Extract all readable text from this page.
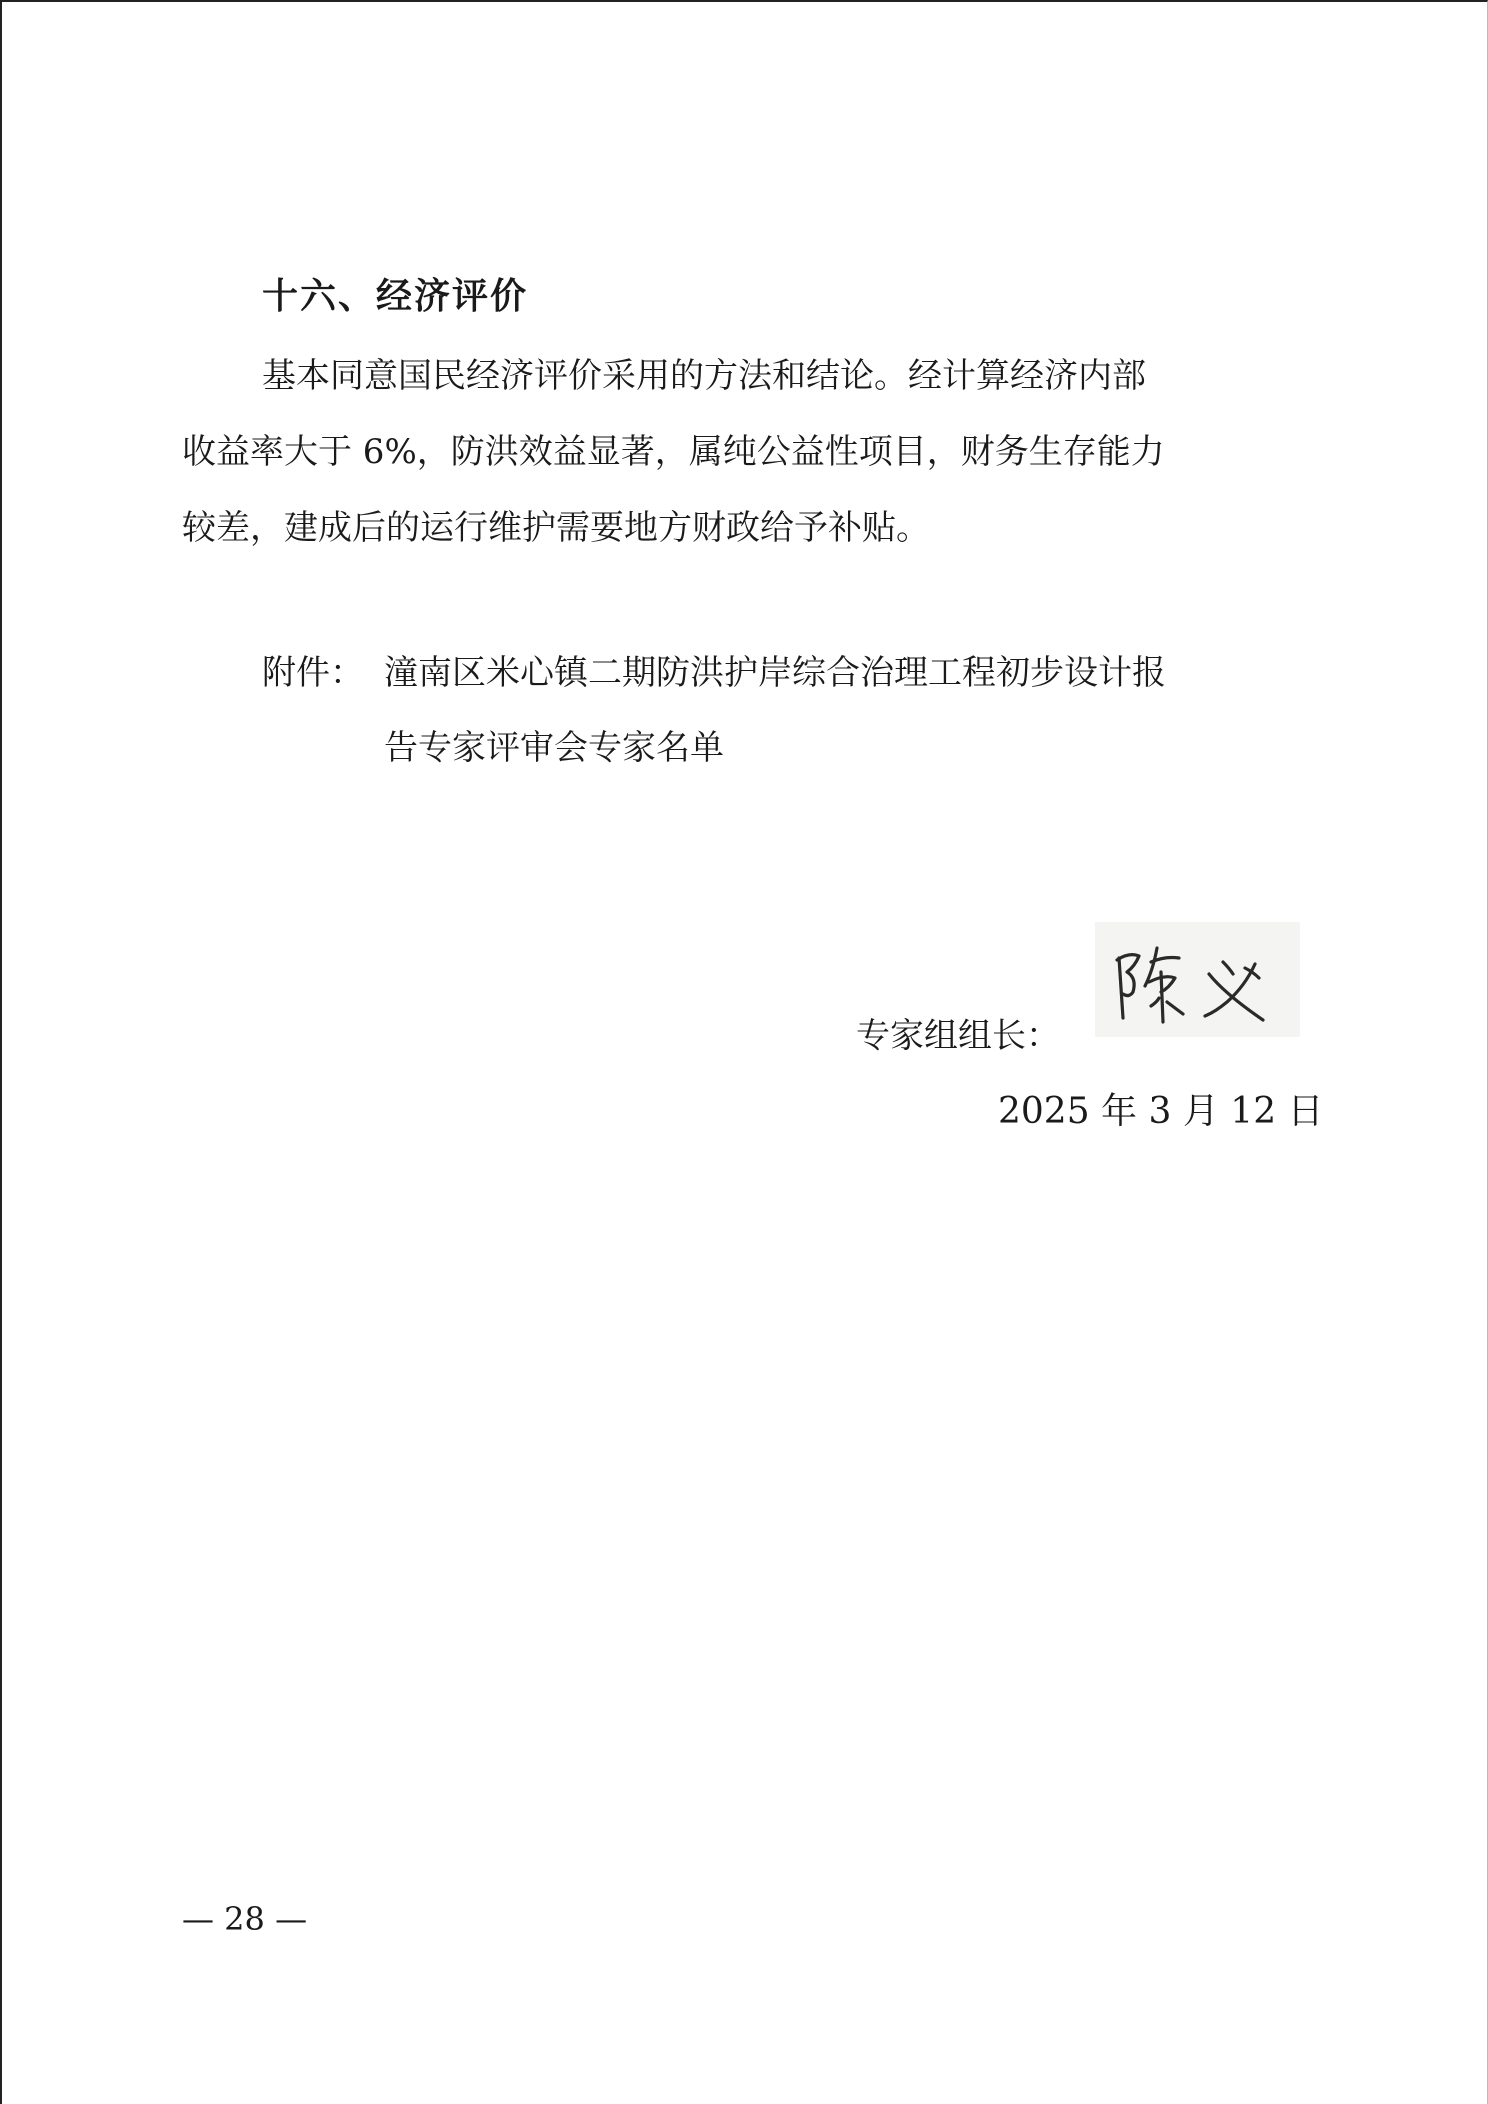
十六、经济评价
基本同意国民经济评价采用的方法和结论。经计算经济内部
收益率大于 6%，防洪效益显著，属纯公益性项目，财务生存能力
较差，建成后的运行维护需要地方财政给予补贴。
附件： 潼南区米心镇二期防洪护岸综合治理工程初步设计报
告专家评审会专家名单
专家组组长：
2025 年 3 月 12 日
— 28 —
